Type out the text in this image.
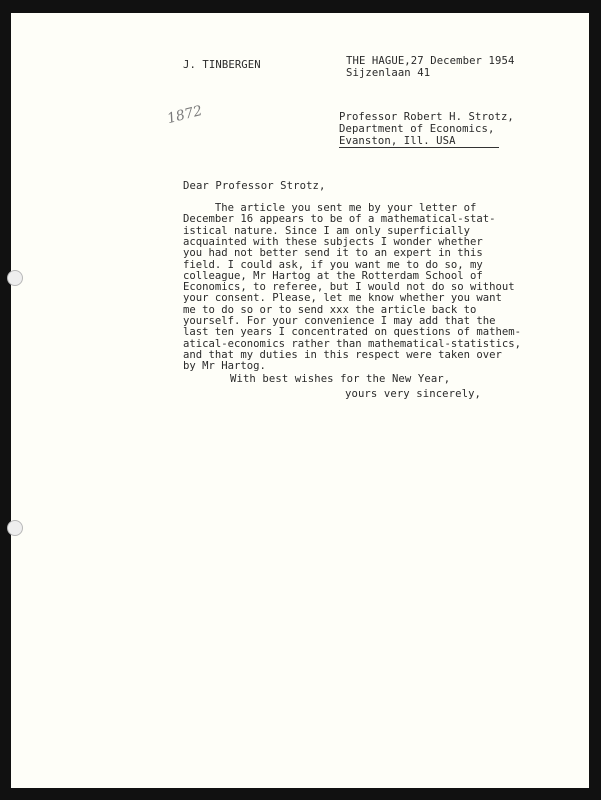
J. TINBERGEN	THE HAGUE,27 December 1954
Sijzenlaan 41
Professor Robert H. Strotz,
Department of Economics,
Evanston, Ill. USA
1872
Dear Professor Strotz,
The article you sent me by your letter of
December 16 appears to be of a mathematical-stat-
istical nature. Since I am only superficially
acquainted with these subjects I wonder whether
you had not better send it to an expert in this
field. I could ask, if you want me to do so, my
colleague, Mr Hartog at the Rotterdam School of
Economics, to referee, but I would not do so without
your consent. Please, let me know whether you want
me to do so or to send xxx the article back to
yourself. For your convenience I may add that the
last ten years I concentrated on questions of mathem-
atical-economics rather than mathematical-statistics,
and that my duties in this respect were taken over
by Mr Hartog.
With best wishes for the New Year,
yours very sincerely,
